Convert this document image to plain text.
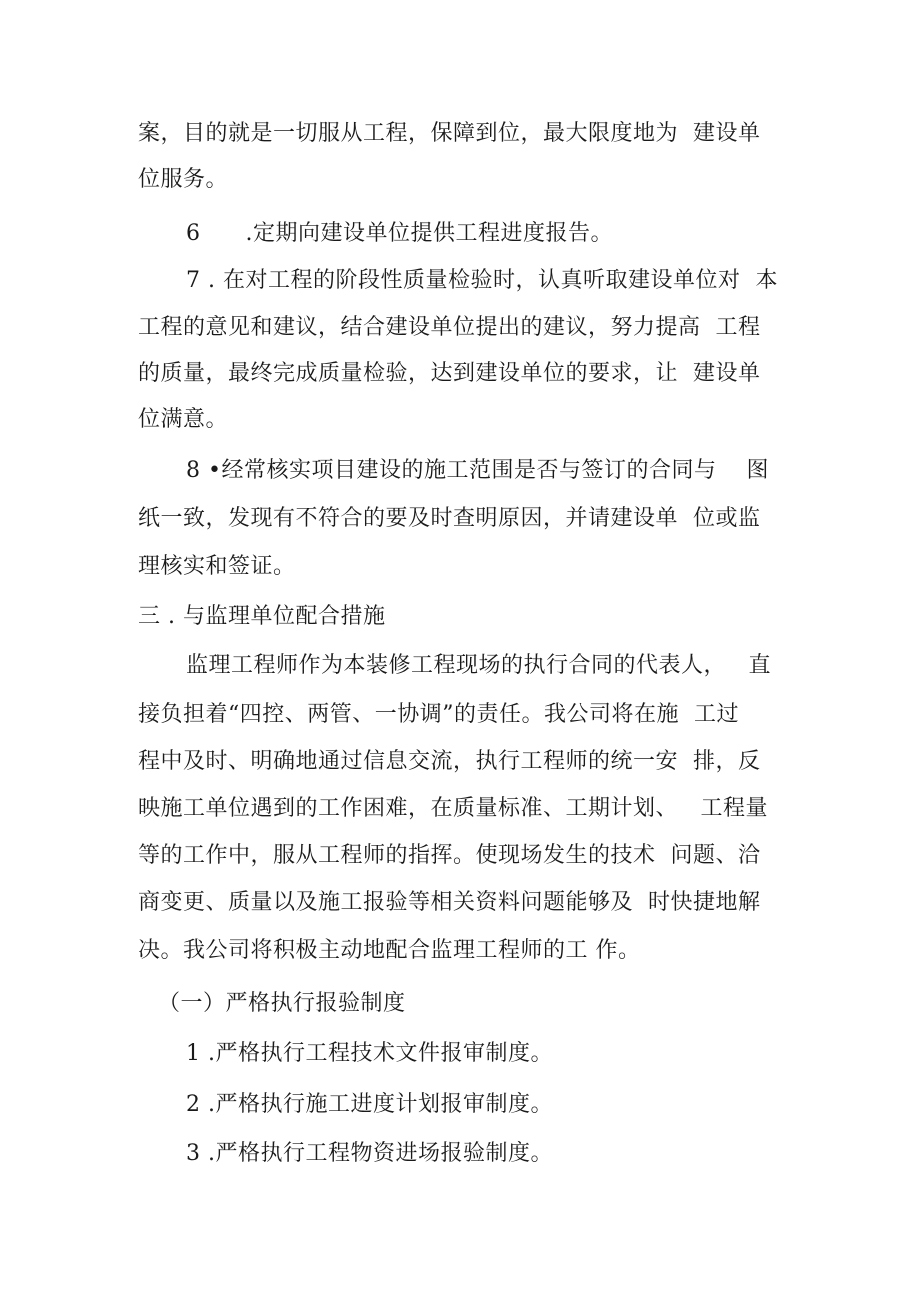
案，目的就是一切服从工程，保障到位，最大限度地为  建设单
位服务。
6      .定期向建设单位提供工程进度报告。
7 . 在对工程的阶段性质量检验时，认真听取建设单位对  本
工程的意见和建议，结合建设单位提出的建议，努力提高  工程
的质量，最终完成质量检验，达到建设单位的要求，让  建设单
位满意。
8 •经常核实项目建设的施工范围是否与签订的合同与    图
纸一致，发现有不符合的要及时查明原因，并请建设单  位或监
理核实和签证。
三 . 与监理单位配合措施
监理工程师作为本装修工程现场的执行合同的代表人，   直
接负担着“四控、两管、一协调”的责任。我公司将在施  工过
程中及时、明确地通过信息交流，执行工程师的统一安  排，反
映施工单位遇到的工作困难，在质量标准、工期计划、   工程量
等的工作中，服从工程师的指挥。使现场发生的技术  问题、洽
商变更、质量以及施工报验等相关资料问题能够及  时快捷地解
决。我公司将积极主动地配合监理工程师的工 作。
（一）严格执行报验制度
1 .严格执行工程技术文件报审制度。
2 .严格执行施工进度计划报审制度。
3 .严格执行工程物资进场报验制度。
